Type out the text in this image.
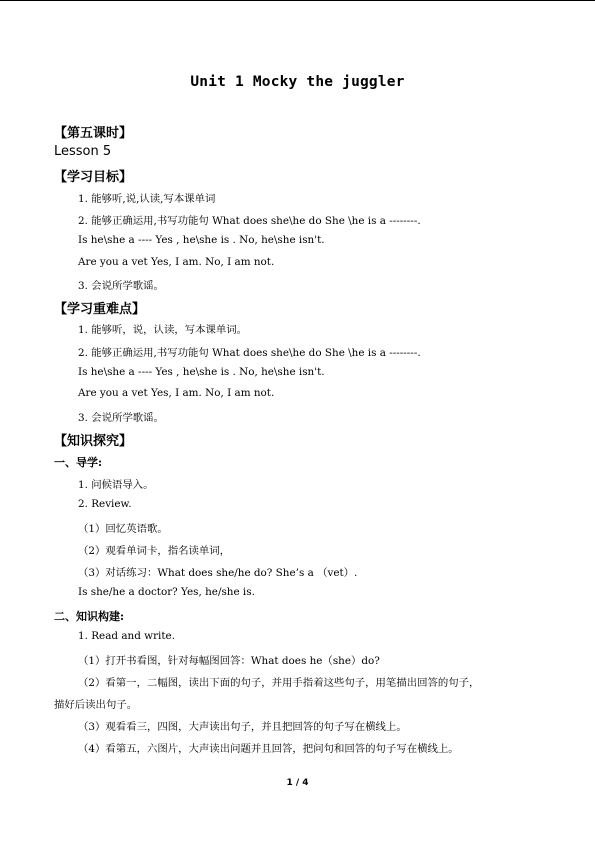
Unit 1 Mocky the juggler
【第五课时】
Lesson 5
【学习目标】
1. 能够听,说,认读,写本课单词
2. 能够正确运用,书写功能句 What does she\he do She \he is a --------.
Is he\she a ---- Yes , he\she is . No, he\she isn't.
Are you a vet Yes, I am. No, I am not.
3. 会说所学歌谣。
【学习重难点】
1. 能够听，说，认读，写本课单词。
2. 能够正确运用,书写功能句 What does she\he do She \he is a --------.
Is he\she a ---- Yes , he\she is . No, he\she isn't.
Are you a vet Yes, I am. No, I am not.
3. 会说所学歌谣。
【知识探究】
一、导学:
1. 问候语导入。
2. Review.
（1）回忆英语歌。
（2）观看单词卡，指名读单词，
（3）对话练习：What does she/he do? She’s a （vet）.
Is she/he a doctor? Yes, he/she is.
二、知识构建:
1. Read and write.
（1）打开书看图，针对每幅图回答：What does he（she）do?
（2）看第一，二幅图，读出下面的句子，并用手指着这些句子，用笔描出回答的句子，
描好后读出句子。
（3）观看看三，四图，大声读出句子，并且把回答的句子写在横线上。
（4）看第五，六图片，大声读出问题并且回答，把问句和回答的句子写在横线上。
1 / 4
